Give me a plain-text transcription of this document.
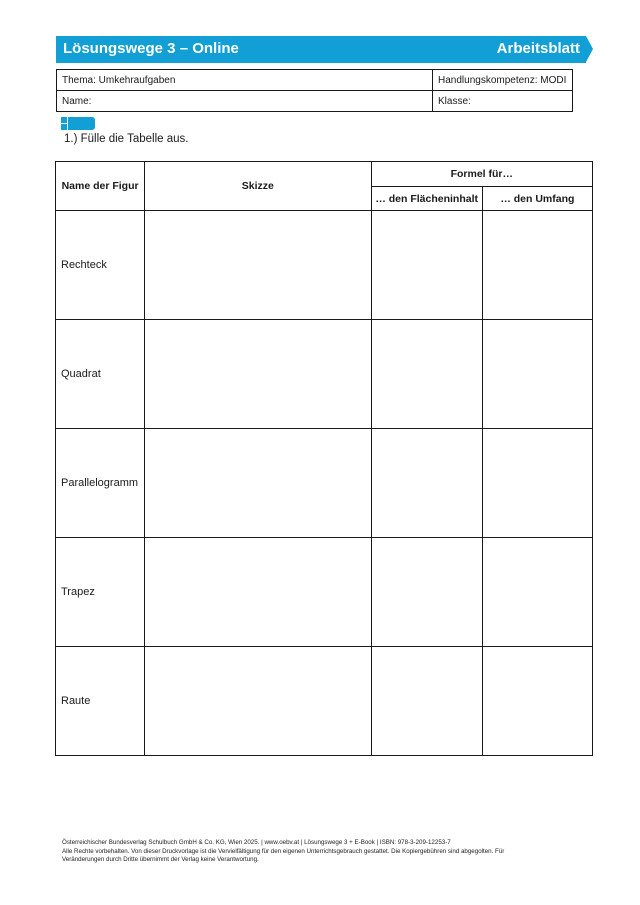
Lösungswege 3 – Online	Arbeitsblatt
Thema: Umkehraufgaben	Handlungskompetenz: MODI
Name:	Klasse:
1.) Fülle die Tabelle aus.
Name der Figur	Skizze	Formel für…	
		… den Flächeninhalt	… den Umfang
Rechteck			
Quadrat			
Parallelogramm			
Trapez			
Raute			
Österreichischer Bundesverlag Schulbuch GmbH & Co. KG, Wien 2025. | www.oebv.at | Lösungswege 3 + E-Book | ISBN: 978-3-209-12253-7
Alle Rechte vorbehalten. Von dieser Druckvorlage ist die Vervielfältigung für den eigenen Unterrichtsgebrauch gestattet. Die Kopiergebühren sind abgegolten. Für
Veränderungen durch Dritte übernimmt der Verlag keine Verantwortung.
